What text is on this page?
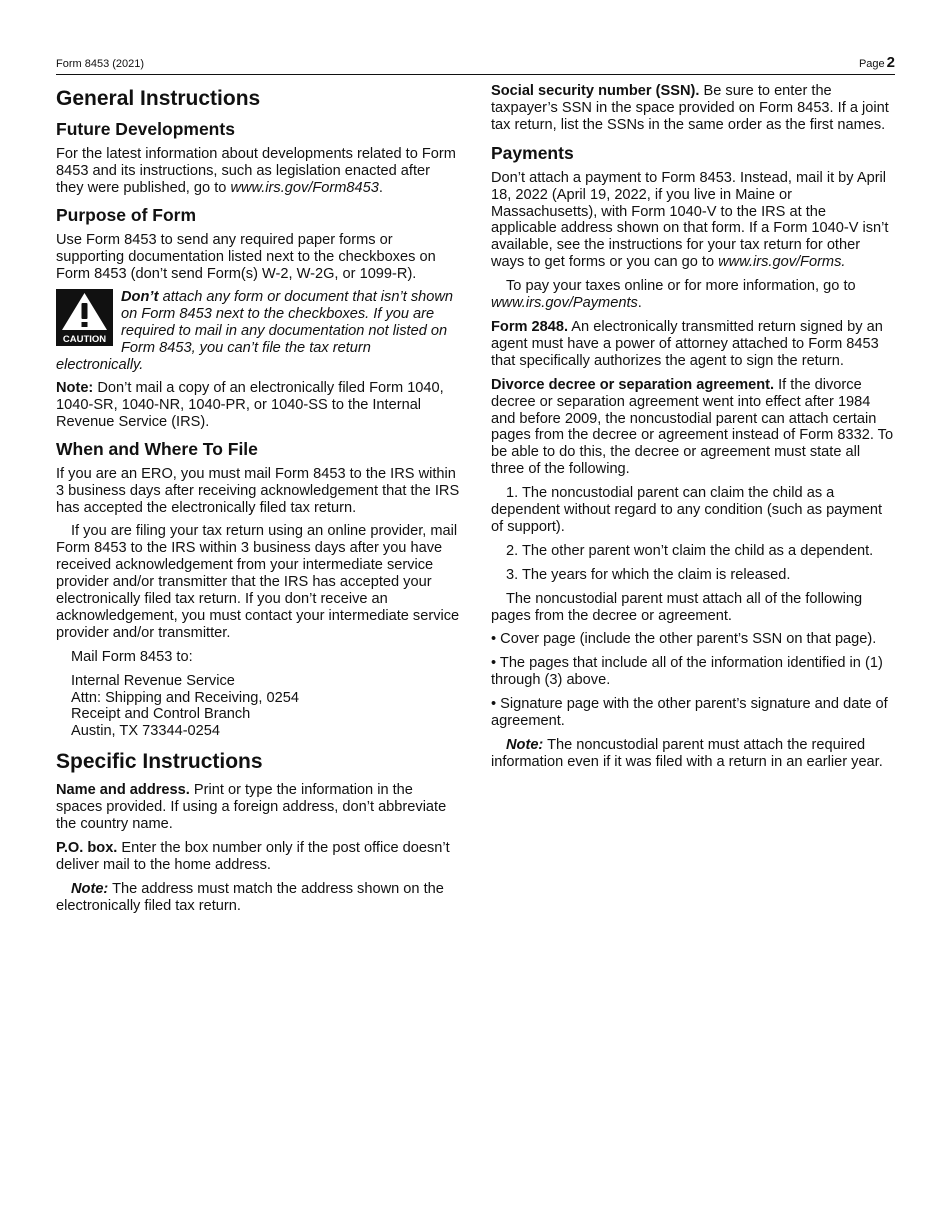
Form 8453 (2021)	Page 2
General Instructions
Future Developments

For the latest information about developments related to Form 8453 and its instructions, such as legislation enacted after they were published, go to www.irs.gov/Form8453.

Purpose of Form

Use Form 8453 to send any required paper forms or supporting documentation listed next to the checkboxes on Form 8453 (don’t send Form(s) W-2, W-2G, or 1099-R).

CAUTION
Don’t attach any form or document that isn’t shown on Form 8453 next to the checkboxes. If you are required to mail in any documentation not listed on Form 8453, you can’t file the tax return electronically.

Note: Don’t mail a copy of an electronically filed Form 1040, 1040-SR, 1040-NR, 1040-PR, or 1040-SS to the Internal Revenue Service (IRS).

When and Where To File

If you are an ERO, you must mail Form 8453 to the IRS within 3 business days after receiving acknowledgement that the IRS has accepted the electronically filed tax return.

If you are filing your tax return using an online provider, mail Form 8453 to the IRS within 3 business days after you have received acknowledgement from your intermediate service provider and/or transmitter that the IRS has accepted your electronically filed tax return. If you don’t receive an acknowledgement, you must contact your intermediate service provider and/or transmitter.

Mail Form 8453 to:

Internal Revenue Service
Attn: Shipping and Receiving, 0254
Receipt and Control Branch
Austin, TX 73344-0254
Specific Instructions

Name and address. Print or type the information in the spaces provided. If using a foreign address, don’t abbreviate the country name.

P.O. box. Enter the box number only if the post office doesn’t deliver mail to the home address.

Note: The address must match the address shown on the electronically filed tax return.

Social security number (SSN). Be sure to enter the taxpayer’s SSN in the space provided on Form 8453. If a joint tax return, list the SSNs in the same order as the first names.

Payments

Don’t attach a payment to Form 8453. Instead, mail it by April 18, 2022 (April 19, 2022, if you live in Maine or Massachusetts), with Form 1040-V to the IRS at the applicable address shown on that form. If a Form 1040-V isn’t available, see the instructions for your tax return for other ways to get forms or you can go to www.irs.gov/Forms.

To pay your taxes online or for more information, go to www.irs.gov/Payments.

Form 2848. An electronically transmitted return signed by an agent must have a power of attorney attached to Form 8453 that specifically authorizes the agent to sign the return.

Divorce decree or separation agreement. If the divorce decree or separation agreement went into effect after 1984 and before 2009, the noncustodial parent can attach certain pages from the decree or agreement instead of Form 8332. To be able to do this, the decree or agreement must state all three of the following.

1. The noncustodial parent can claim the child as a dependent without regard to any condition (such as payment of support).

2. The other parent won’t claim the child as a dependent.

3. The years for which the claim is released.

The noncustodial parent must attach all of the following pages from the decree or agreement.

• Cover page (include the other parent’s SSN on that page).

• The pages that include all of the information identified in (1) through (3) above.

• Signature page with the other parent’s signature and date of agreement.

Note: The noncustodial parent must attach the required information even if it was filed with a return in an earlier year.
